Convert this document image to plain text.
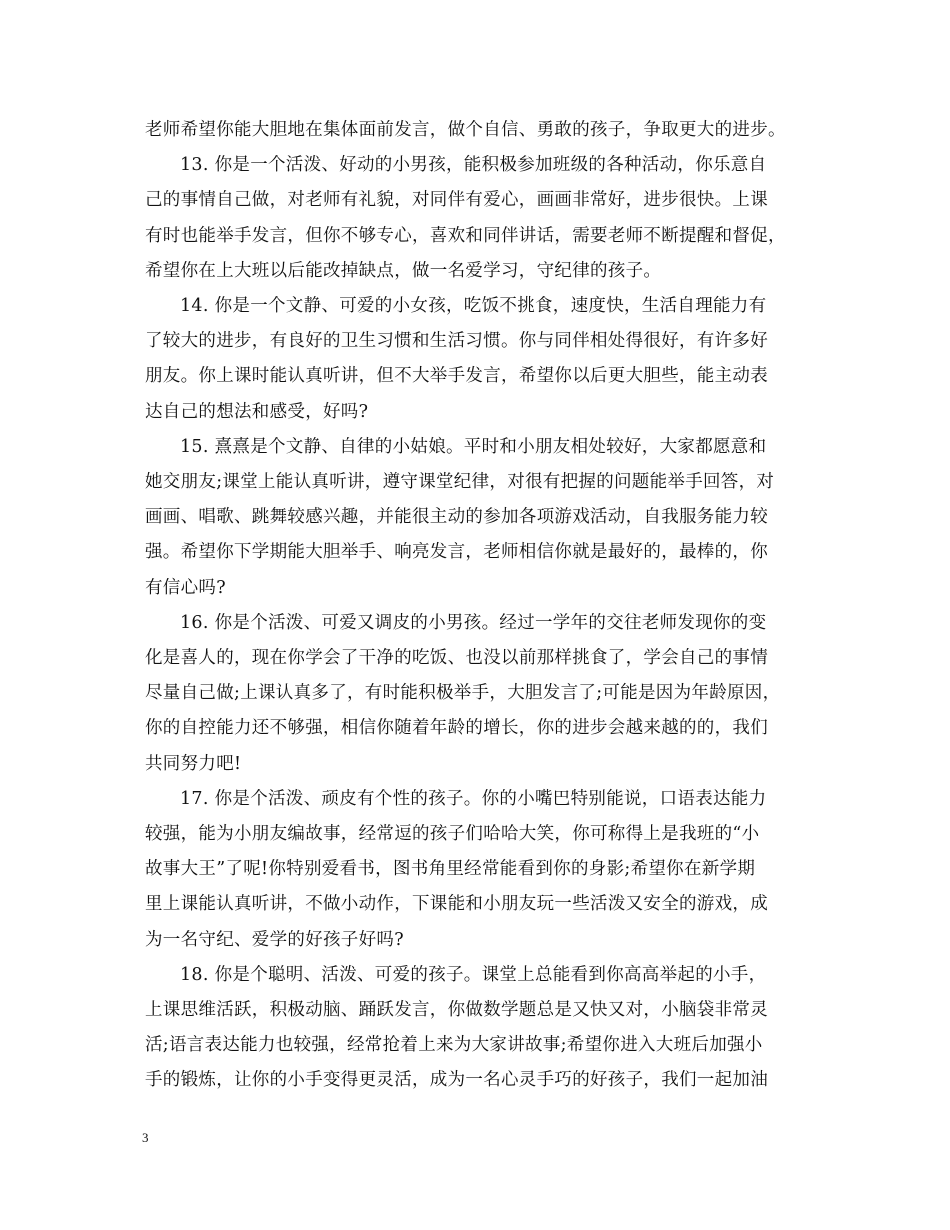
老师希望你能大胆地在集体面前发言，做个自信、勇敢的孩子，争取更大的进步。
13. 你是一个活泼、好动的小男孩，能积极参加班级的各种活动，你乐意自
己的事情自己做，对老师有礼貌，对同伴有爱心，画画非常好，进步很快。上课
有时也能举手发言，但你不够专心，喜欢和同伴讲话，需要老师不断提醒和督促，
希望你在上大班以后能改掉缺点，做一名爱学习，守纪律的孩子。
14. 你是一个文静、可爱的小女孩，吃饭不挑食，速度快，生活自理能力有
了较大的进步，有良好的卫生习惯和生活习惯。你与同伴相处得很好，有许多好
朋友。你上课时能认真听讲，但不大举手发言，希望你以后更大胆些，能主动表
达自己的想法和感受，好吗?
15. 熹熹是个文静、自律的小姑娘。平时和小朋友相处较好，大家都愿意和
她交朋友;课堂上能认真听讲，遵守课堂纪律，对很有把握的问题能举手回答，对
画画、唱歌、跳舞较感兴趣，并能很主动的参加各项游戏活动，自我服务能力较
强。希望你下学期能大胆举手、响亮发言，老师相信你就是最好的，最棒的，你
有信心吗?
16. 你是个活泼、可爱又调皮的小男孩。经过一学年的交往老师发现你的变
化是喜人的，现在你学会了干净的吃饭、也没以前那样挑食了，学会自己的事情
尽量自己做;上课认真多了，有时能积极举手，大胆发言了;可能是因为年龄原因，
你的自控能力还不够强，相信你随着年龄的增长，你的进步会越来越的的，我们
共同努力吧!
17. 你是个活泼、顽皮有个性的孩子。你的小嘴巴特别能说，口语表达能力
较强，能为小朋友编故事，经常逗的孩子们哈哈大笑，你可称得上是我班的“小
故事大王”了呢!你特别爱看书，图书角里经常能看到你的身影;希望你在新学期
里上课能认真听讲，不做小动作，下课能和小朋友玩一些活泼又安全的游戏，成
为一名守纪、爱学的好孩子好吗?
18. 你是个聪明、活泼、可爱的孩子。课堂上总能看到你高高举起的小手，
上课思维活跃，积极动脑、踊跃发言，你做数学题总是又快又对，小脑袋非常灵
活;语言表达能力也较强，经常抢着上来为大家讲故事;希望你进入大班后加强小
手的锻炼，让你的小手变得更灵活，成为一名心灵手巧的好孩子，我们一起加油
3
